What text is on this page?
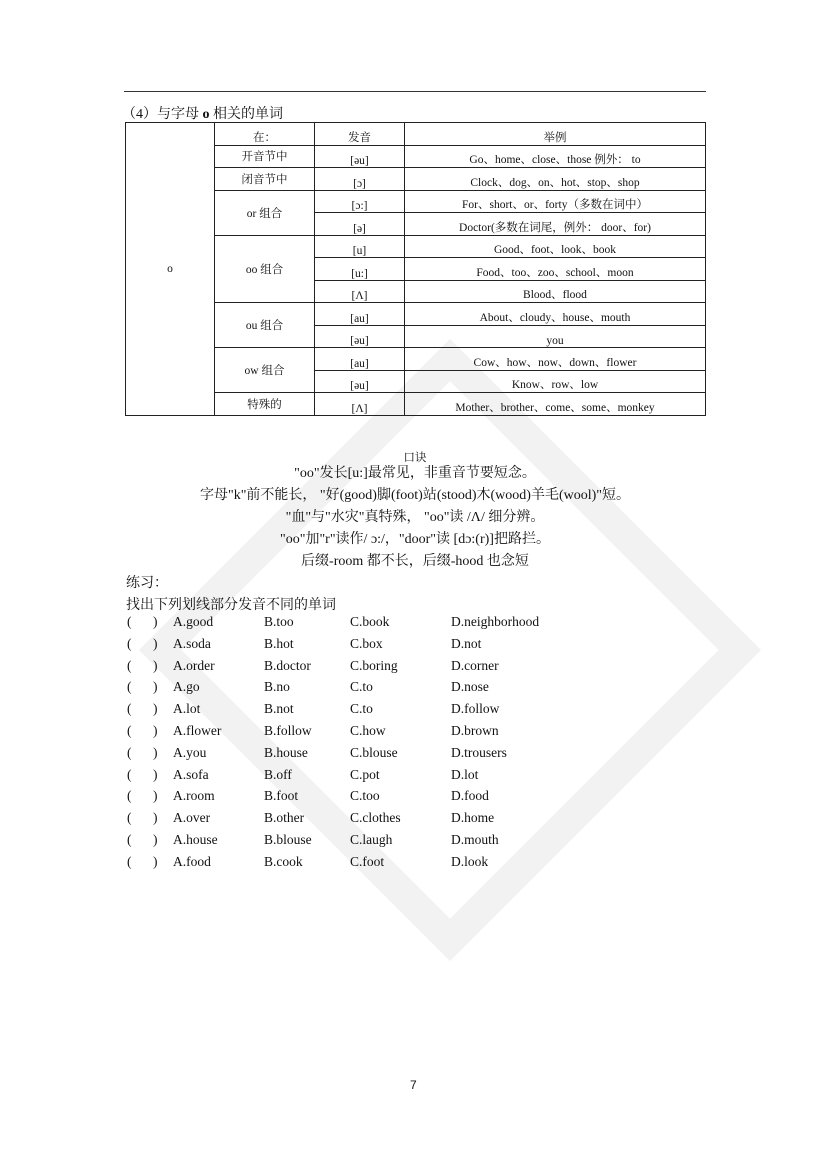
（4）与字母 o 相关的单词
o	在：	发音	举例
	开音节中	[əu]	Go、home、close、those 例外： to
	闭音节中	[ɔ]	Clock、dog、on、hot、stop、shop
	or 组合	[ɔ:]	For、short、or、forty（多数在词中）
		[ə]	Doctor(多数在词尾，例外： door、for)
	oo 组合	[u]	Good、foot、look、book
		[u:]	Food、too、zoo、school、moon
		[Λ]	Blood、flood
	ou 组合	[au]	About、cloudy、house、mouth
		[əu]	you
	ow 组合	[au]	Cow、how、now、down、flower
		[əu]	Know、row、low
	特殊的	[Λ]	Mother、brother、come、some、monkey
口诀
"oo"发长[u:]最常见，非重音节要短念。
字母"k"前不能长， "好(good)脚(foot)站(stood)木(wood)羊毛(wool)"短。
"血"与"水灾"真特殊， "oo"读 /Λ/ 细分辨。
"oo"加"r"读作/ ɔ:/，"door"读 [dɔ:(r)]把路拦。
后缀-room 都不长，后缀-hood 也念短
练习：
找出下列划线部分发音不同的单词
( ) A.good	B.too	C.book	D.neighborhood
( ) A.soda	B.hot	C.box	D.not
( ) A.order	B.doctor	C.boring	D.corner
( ) A.go	B.no	C.to	D.nose
( ) A.lot	B.not	C.to	D.follow
( ) A.flower	B.follow	C.how	D.brown
( ) A.you	B.house	C.blouse	D.trousers
( ) A.sofa	B.off	C.pot	D.lot
( ) A.room	B.foot	C.too	D.food
( ) A.over	B.other	C.clothes	D.home
( ) A.house	B.blouse	C.laugh	D.mouth
( ) A.food	B.cook	C.foot	D.look
7
